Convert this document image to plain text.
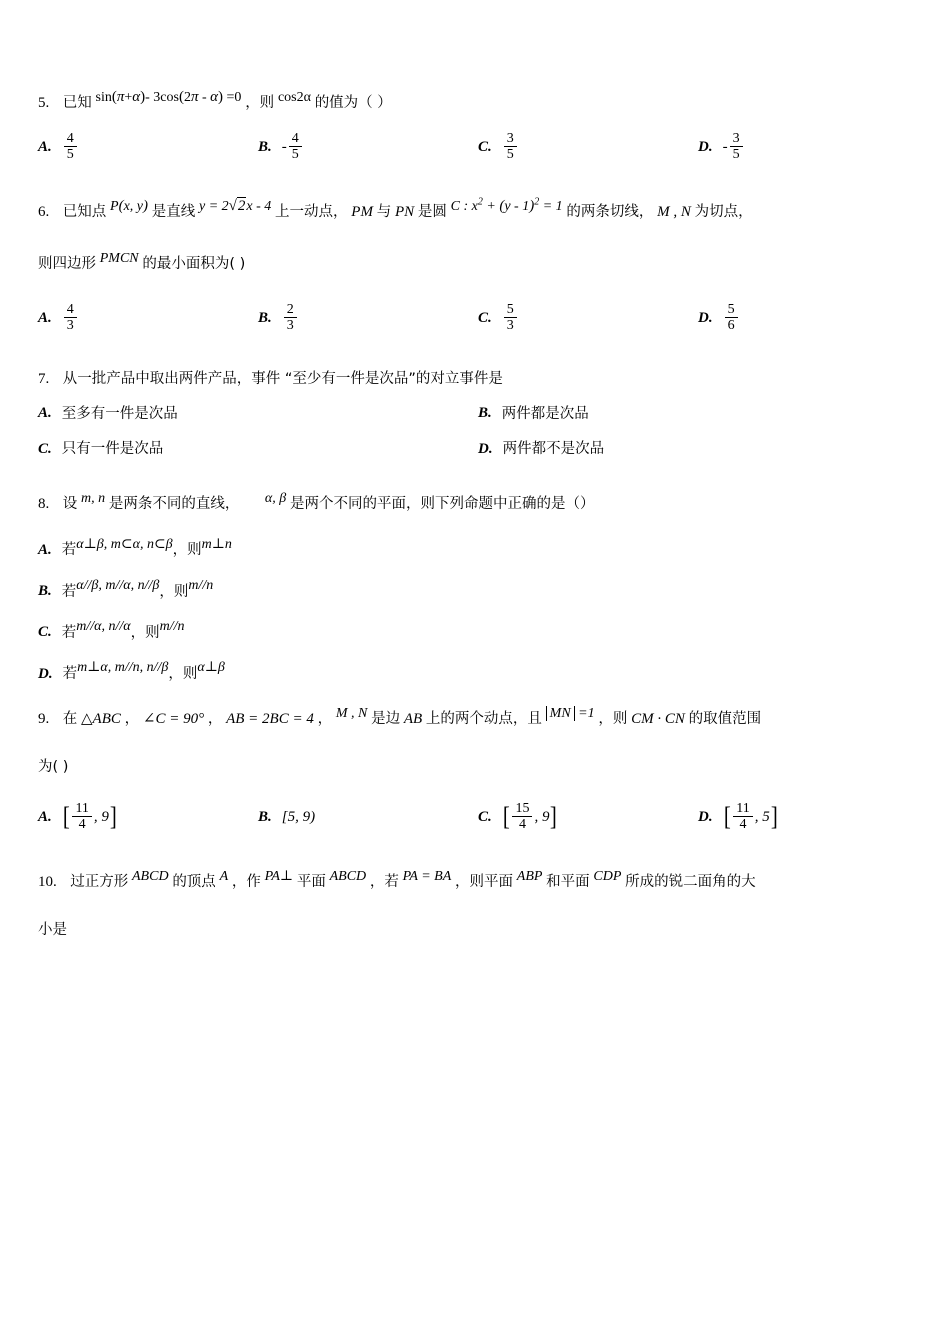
5. 已知 sin(π+α)- 3cos(2π - α) =0 ，则 cos2α 的值为（ ）
A. $\frac{4}{5}$	B. - $\frac{4}{5}$	C. $\frac{3}{5}$	D. - $\frac{3}{5}$
6. 已知点 P(x, y) 是直线 y = 2√2x - 4 上一动点， PM 与 PN 是圆 C : $x^2 + (y - 1)^2 = 1$ 的两条切线， M , N 为切点，
则四边形 PMCN 的最小面积为( )
A. $\frac{4}{3}$	B. $\frac{2}{3}$	C. $\frac{5}{3}$	D. $\frac{5}{6}$
7. 从一批产品中取出两件产品，事件 “至少有一件是次品”的对立事件是
A. 至多有一件是次品	B. 两件都是次品
C. 只有一件是次品	D. 两件都不是次品
8. 设 m, n 是两条不同的直线， α, β 是两个不同的平面，则下列命题中正确的是（）
A. 若 α⊥β, m⊂α, n⊂β ，则 m⊥n
B. 若 α//β, m//α, n//β ，则 m//n
C. 若 m//α, n//α ，则 m//n
D. 若 m⊥α, m//n, n//β ，则 α⊥β
9. 在 △ABC ， ∠C = 90° ， AB = 2BC = 4 ， M , N 是边 AB 上的两个动点，且 MN =1 ，则 CM · CN 的取值范围
为( )
A. [ $\frac{11}{4}$ , 9 ]	B. [5, 9)	C. [ $\frac{15}{4}$ , 9 ]	D. [ $\frac{11}{4}$ , 5 ]
10. 过正方形 ABCD 的顶点 A ，作 PA⊥ 平面 ABCD ，若 PA = BA ，则平面 ABP 和平面 CDP 所成的锐二面角的大
小是
